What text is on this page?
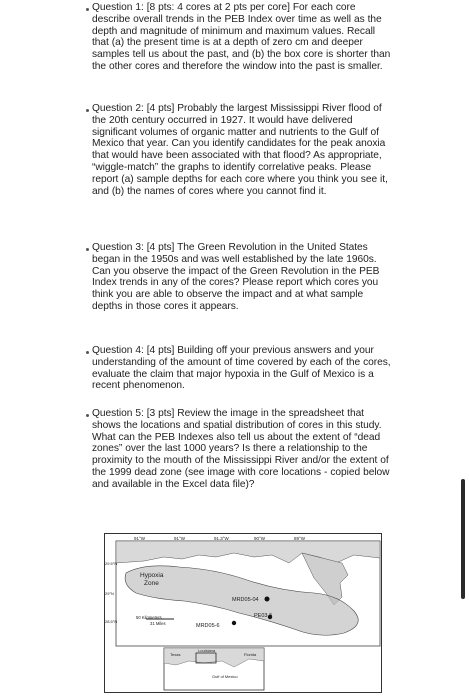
Question 1: [8 pts: 4 cores at 2 pts per core] For each core describe overall trends in the PEB Index over time as well as the depth and magnitude of minimum and maximum values. Recall that (a) the present time is at a depth of zero cm and deeper samples tell us about the past, and (b) the box core is shorter than the other cores and therefore the window into the past is smaller.

Question 2: [4 pts] Probably the largest Mississippi River flood of the 20th century occurred in 1927. It would have delivered significant volumes of organic matter and nutrients to the Gulf of Mexico that year. Can you identify candidates for the peak anoxia that would have been associated with that flood? As appropriate, “wiggle-match” the graphs to identify correlative peaks. Please report (a) sample depths for each core where you think you see it, and (b) the names of cores where you cannot find it.

Question 3: [4 pts] The Green Revolution in the United States began in the 1950s and was well established by the late 1960s. Can you observe the impact of the Green Revolution in the PEB Index trends in any of the cores? Please report which cores you think you are able to observe the impact and at what sample depths in those cores it appears.

Question 4: [4 pts] Building off your previous answers and your understanding of the amount of time covered by each of the cores, evaluate the claim that major hypoxia in the Gulf of Mexico is a recent phenomenon.

Question 5: [3 pts] Review the image in the spreadsheet that shows the locations and spatial distribution of cores in this study. What can the PEB Indexes also tell us about the extent of “dead zones” over the last 1000 years? Is there a relationship to the proximity to the mouth of the Mississippi River and/or the extent of the 1999 dead zone (see image with core locations - copied below and available in the Excel data file)?

91°W	91°W	91.3°W	90°W	89°W
29.5°N
29°N
28.5°N
Hypoxia
Zone
MRD05-04
PE03-5
MRD05-6
50 Kilometers
31 Miles
Texas
Louisiana
Florida
Gulf of Mexico
